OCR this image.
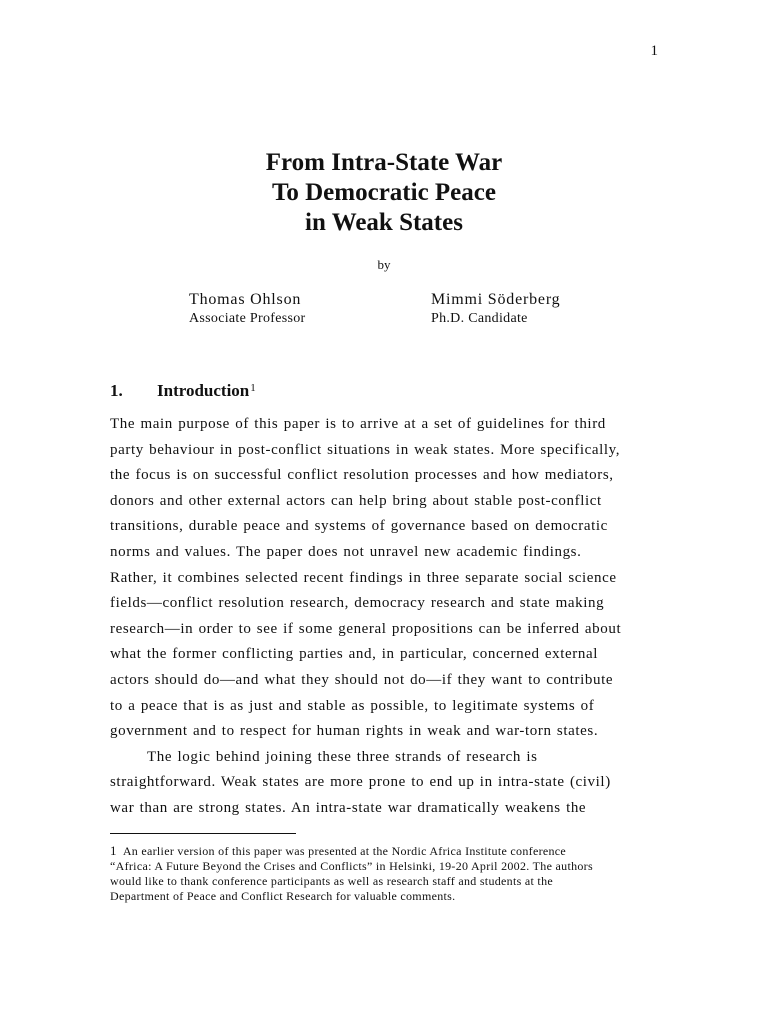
1
From Intra-State War
To Democratic Peace
in Weak States
by
Thomas Ohlson
Associate Professor
Mimmi Söderberg
Ph.D. Candidate
1. Introduction$^1$
The main purpose of this paper is to arrive at a set of guidelines for third
party behaviour in post-conflict situations in weak states. More specifically,
the focus is on successful conflict resolution processes and how mediators,
donors and other external actors can help bring about stable post-conflict
transitions, durable peace and systems of governance based on democratic
norms and values. The paper does not unravel new academic findings.
Rather, it combines selected recent findings in three separate social science
fields—conflict resolution research, democracy research and state making
research—in order to see if some general propositions can be inferred about
what the former conflicting parties and, in particular, concerned external
actors should do—and what they should not do—if they want to contribute
to a peace that is as just and stable as possible, to legitimate systems of
government and to respect for human rights in weak and war-torn states.
The logic behind joining these three strands of research is
straightforward. Weak states are more prone to end up in intra-state (civil)
war than are strong states. An intra-state war dramatically weakens the
1 An earlier version of this paper was presented at the Nordic Africa Institute conference
“Africa: A Future Beyond the Crises and Conflicts” in Helsinki, 19-20 April 2002. The authors
would like to thank conference participants as well as research staff and students at the
Department of Peace and Conflict Research for valuable comments.
